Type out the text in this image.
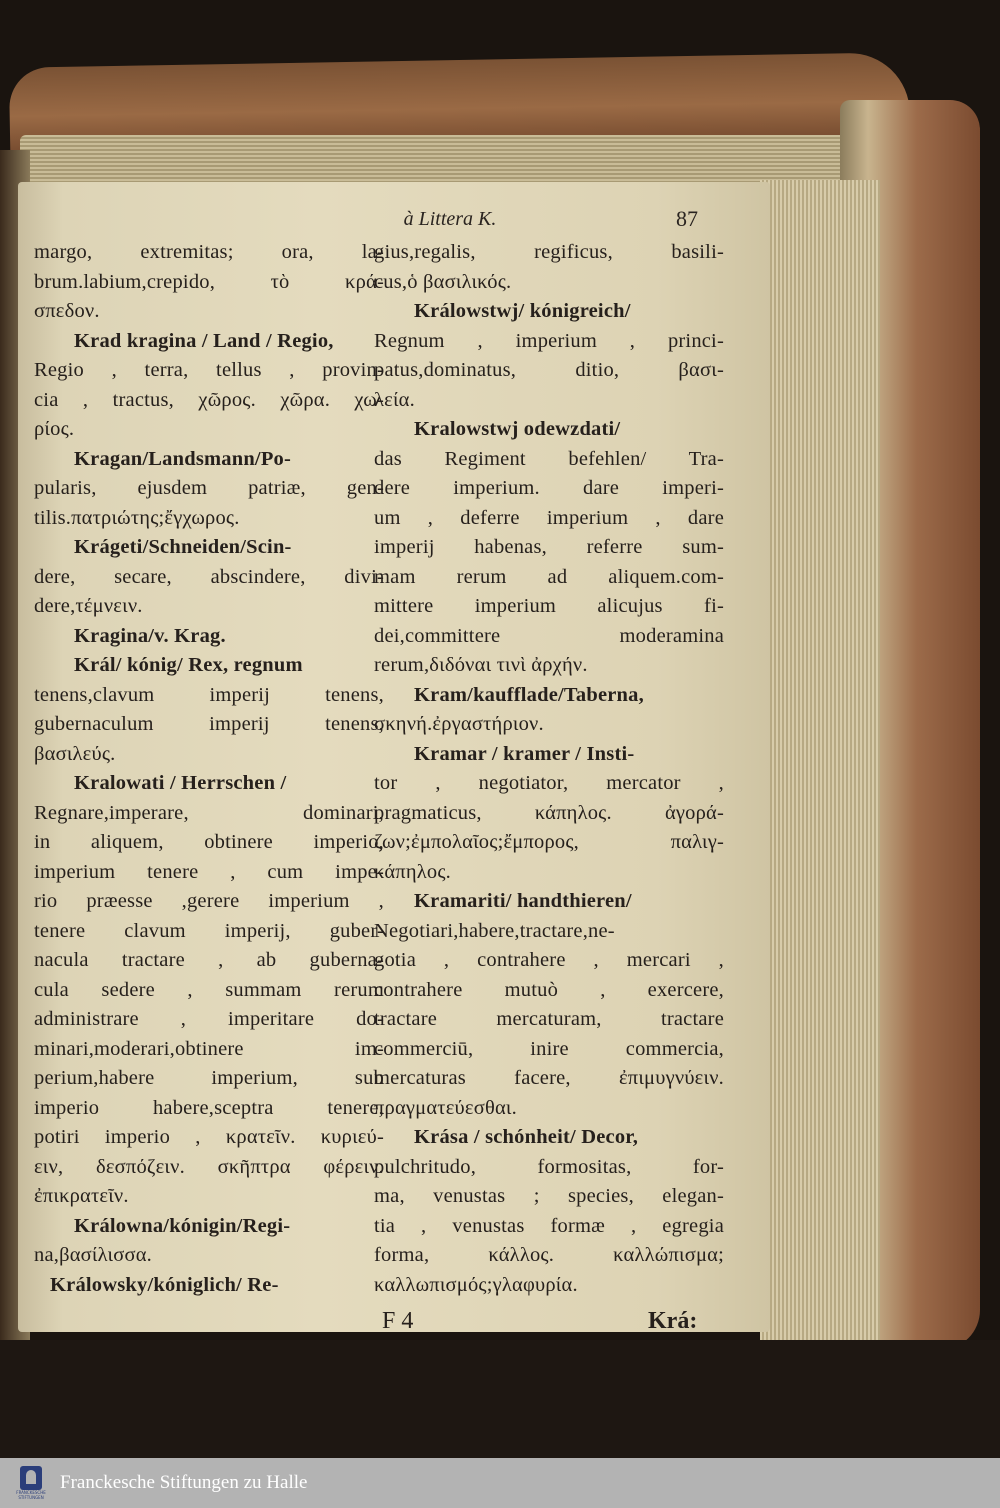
à Littera K.	87
margo, extremitas; ora, la-
brum.labium,crepido, τὸ κρά-
σπεδον.
Krad kragina / Land / Regio,
Regio , terra, tellus , provin-
cia , tractus, χῶρος. χῶρα. χω-
ρίος.
Kragan/Landsmann/Po-
pularis, ejusdem patriæ, gen-
tilis.πατριώτης;ἔγχωρος.
Krágeti/Schneiden/Scin-
dere, secare, abscindere, divi-
dere,τέμνειν.
Kragina/v. Krag.
Král/ kónig/ Rex, regnum
tenens,clavum imperij tenens,
gubernaculum imperij tenens,
βασιλεύς.
Kralowati / Herrschen /
Regnare,imperare, dominari,
in aliquem, obtinere imperio,
imperium tenere , cum impe-
rio præesse ,gerere imperium ,
tenere clavum imperij, guber-
nacula tractare , ab guberna-
cula sedere , summam rerum
administrare , imperitare do-
minari,moderari,obtinere im-
perium,habere imperium, sub
imperio habere,sceptra tenere,
potiri imperio , κρατεῖν. κυριεύ-
ειν, δεσπόζειν. σκῆπτρα φέρειν.
ἐπικρατεῖν.
Králowna/kónigin/Regi-
na,βασίλισσα.
Králowsky/kóniglich/ Re-
gius,regalis, regificus, basili-
cus,ὁ βασιλικός.
Králowstwj/ kónigreich/
Regnum , imperium , princi-
patus,dominatus, ditio, βασι-
λεία.
Kralowstwj odewzdati/
das Regiment befehlen/ Tra-
dere imperium. dare imperi-
um , deferre imperium , dare
imperij habenas, referre sum-
mam rerum ad aliquem.com-
mittere imperium alicujus fi-
dei,committere moderamina
rerum,διδόναι τινὶ ἀρχήν.
Kram/kaufflade/Taberna,
σκηνή.ἐργαστήριον.
Kramar / kramer / Insti-
tor , negotiator, mercator ,
pragmaticus, κάπηλος. ἀγορά-
ζων;ἐμπολαῖος;ἔμπορος, παλιγ-
κάπηλος.
Kramariti/ handthieren/
Negotiari,habere,tractare,ne-
gotia , contrahere , mercari ,
contrahere mutuò , exercere,
tractare mercaturam, tractare
commerciū, inire commercia,
mercaturas facere, ἐπιμυγνύειν.
πραγματεύεσθαι.
Krása / schónheit/ Decor,
pulchritudo, formositas, for-
ma, venustas ; species, elegan-
tia , venustas formæ , egregia
forma, κάλλος. καλλώπισμα;
καλλωπισμός;γλαφυρία.
F 4	Krá:
FRANCKESCHE
STIFTUNGEN
Franckesche Stiftungen zu Halle
